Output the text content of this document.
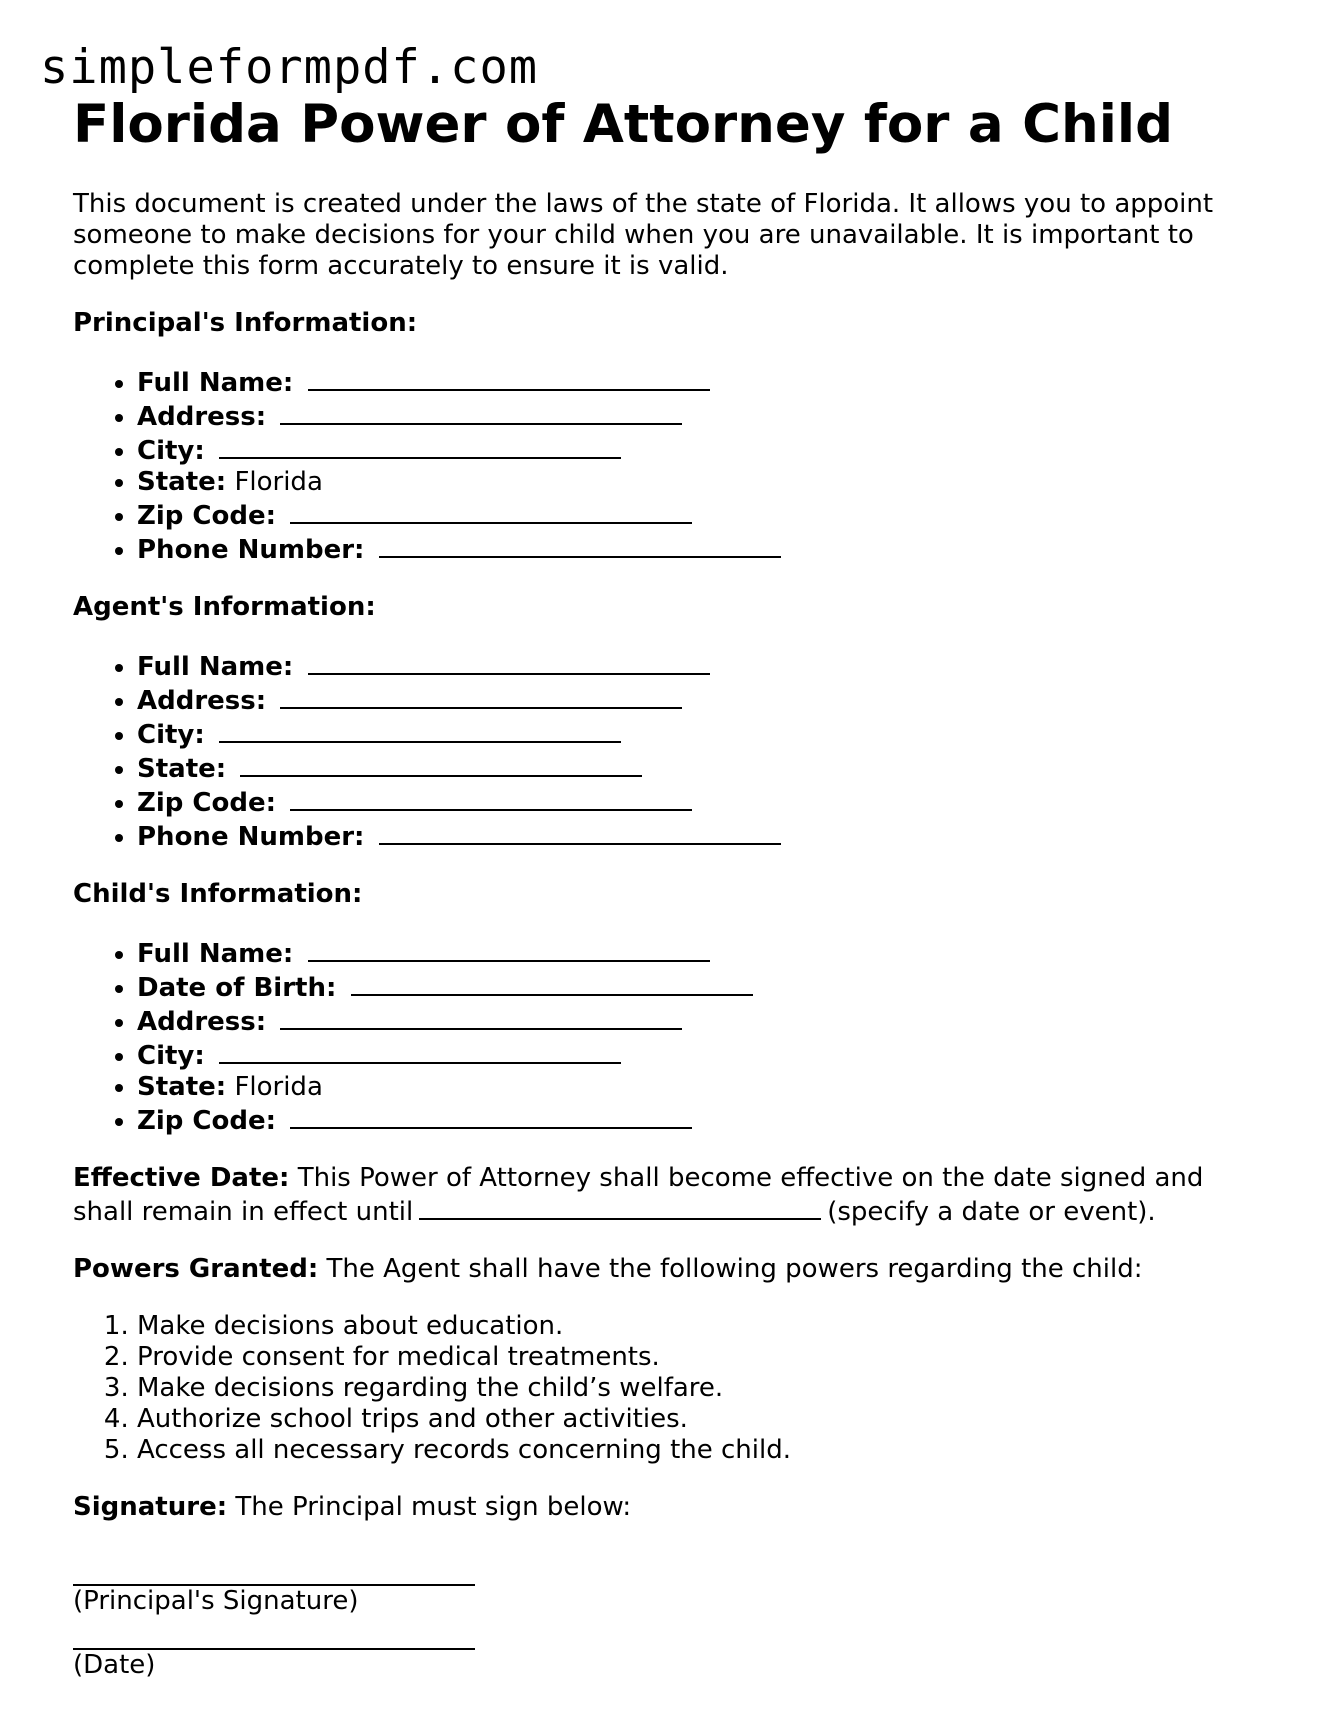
simpleformpdf.com
Florida Power of Attorney for a Child

This document is created under the laws of the state of Florida. It allows you to appoint someone to make decisions for your child when you are unavailable. It is important to complete this form accurately to ensure it is valid.

Principal's Information:

• Full Name:
• Address:
• City:
• State: Florida
• Zip Code:
• Phone Number:

Agent's Information:

• Full Name:
• Address:
• City:
• State:
• Zip Code:
• Phone Number:

Child's Information:

• Full Name:
• Date of Birth:
• Address:
• City:
• State: Florida
• Zip Code:

Effective Date: This Power of Attorney shall become effective on the date signed and shall remain in effect until	(specify a date or event).

Powers Granted: The Agent shall have the following powers regarding the child:

1. Make decisions about education.
2. Provide consent for medical treatments.
3. Make decisions regarding the child’s welfare.
4. Authorize school trips and other activities.
5. Access all necessary records concerning the child.

Signature: The Principal must sign below:

(Principal's Signature)
(Date)
